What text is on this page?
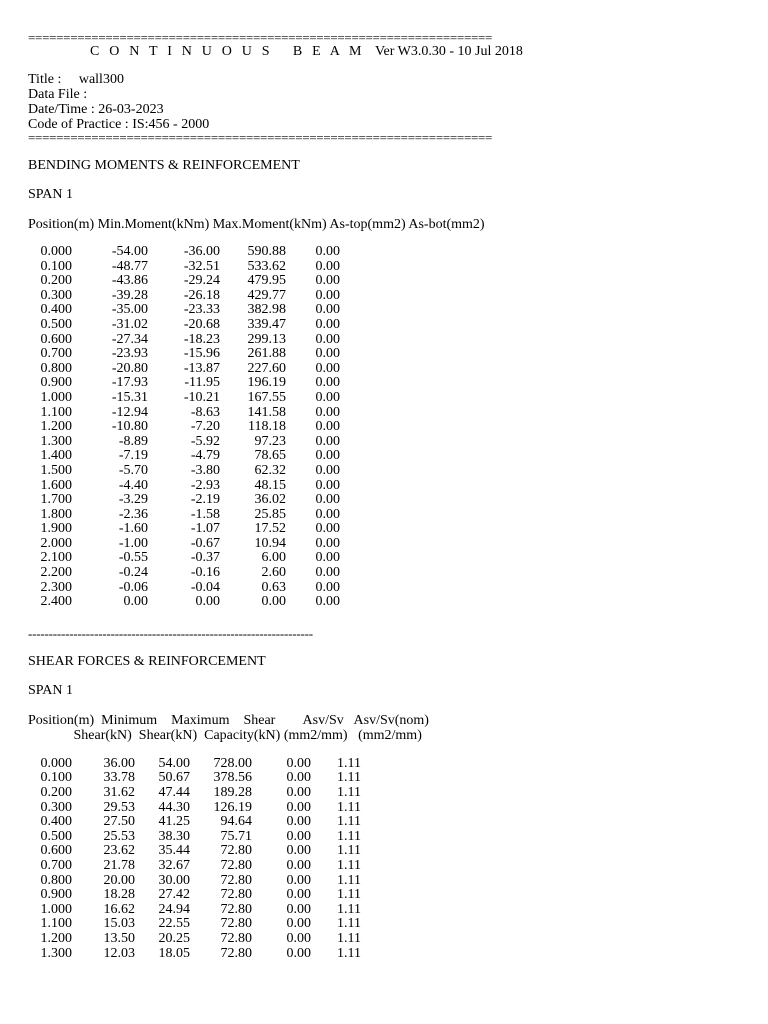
==================================================================
C O N T I N U O U S   B E A M Ver W3.0.30 - 10 Jul 2018
Title : wall300
Data File :
Date/Time : 26-03-2023
Code of Practice : IS:456 - 2000
==================================================================
BENDING MOMENTS & REINFORCEMENT
SPAN 1
Position(m) Min.Moment(kNm) Max.Moment(kNm) As-top(mm2) As-bot(mm2)
0.000	-54.00	-36.00	590.88	0.00
0.100	-48.77	-32.51	533.62	0.00
0.200	-43.86	-29.24	479.95	0.00
0.300	-39.28	-26.18	429.77	0.00
0.400	-35.00	-23.33	382.98	0.00
0.500	-31.02	-20.68	339.47	0.00
0.600	-27.34	-18.23	299.13	0.00
0.700	-23.93	-15.96	261.88	0.00
0.800	-20.80	-13.87	227.60	0.00
0.900	-17.93	-11.95	196.19	0.00
1.000	-15.31	-10.21	167.55	0.00
1.100	-12.94	-8.63	141.58	0.00
1.200	-10.80	-7.20	118.18	0.00
1.300	-8.89	-5.92	97.23	0.00
1.400	-7.19	-4.79	78.65	0.00
1.500	-5.70	-3.80	62.32	0.00
1.600	-4.40	-2.93	48.15	0.00
1.700	-3.29	-2.19	36.02	0.00
1.800	-2.36	-1.58	25.85	0.00
1.900	-1.60	-1.07	17.52	0.00
2.000	-1.00	-0.67	10.94	0.00
2.100	-0.55	-0.37	6.00	0.00
2.200	-0.24	-0.16	2.60	0.00
2.300	-0.06	-0.04	0.63	0.00
2.400	0.00	0.00	0.00	0.00
---------------------------------------------------------------------
SHEAR FORCES & REINFORCEMENT
SPAN 1
Position(m)  Minimum    Maximum    Shear        Asv/Sv   Asv/Sv(nom)
Shear(kN)  Shear(kN)  Capacity(kN) (mm2/mm)   (mm2/mm)
0.000	36.00	54.00	728.00	0.00	1.11
0.100	33.78	50.67	378.56	0.00	1.11
0.200	31.62	47.44	189.28	0.00	1.11
0.300	29.53	44.30	126.19	0.00	1.11
0.400	27.50	41.25	94.64	0.00	1.11
0.500	25.53	38.30	75.71	0.00	1.11
0.600	23.62	35.44	72.80	0.00	1.11
0.700	21.78	32.67	72.80	0.00	1.11
0.800	20.00	30.00	72.80	0.00	1.11
0.900	18.28	27.42	72.80	0.00	1.11
1.000	16.62	24.94	72.80	0.00	1.11
1.100	15.03	22.55	72.80	0.00	1.11
1.200	13.50	20.25	72.80	0.00	1.11
1.300	12.03	18.05	72.80	0.00	1.11
